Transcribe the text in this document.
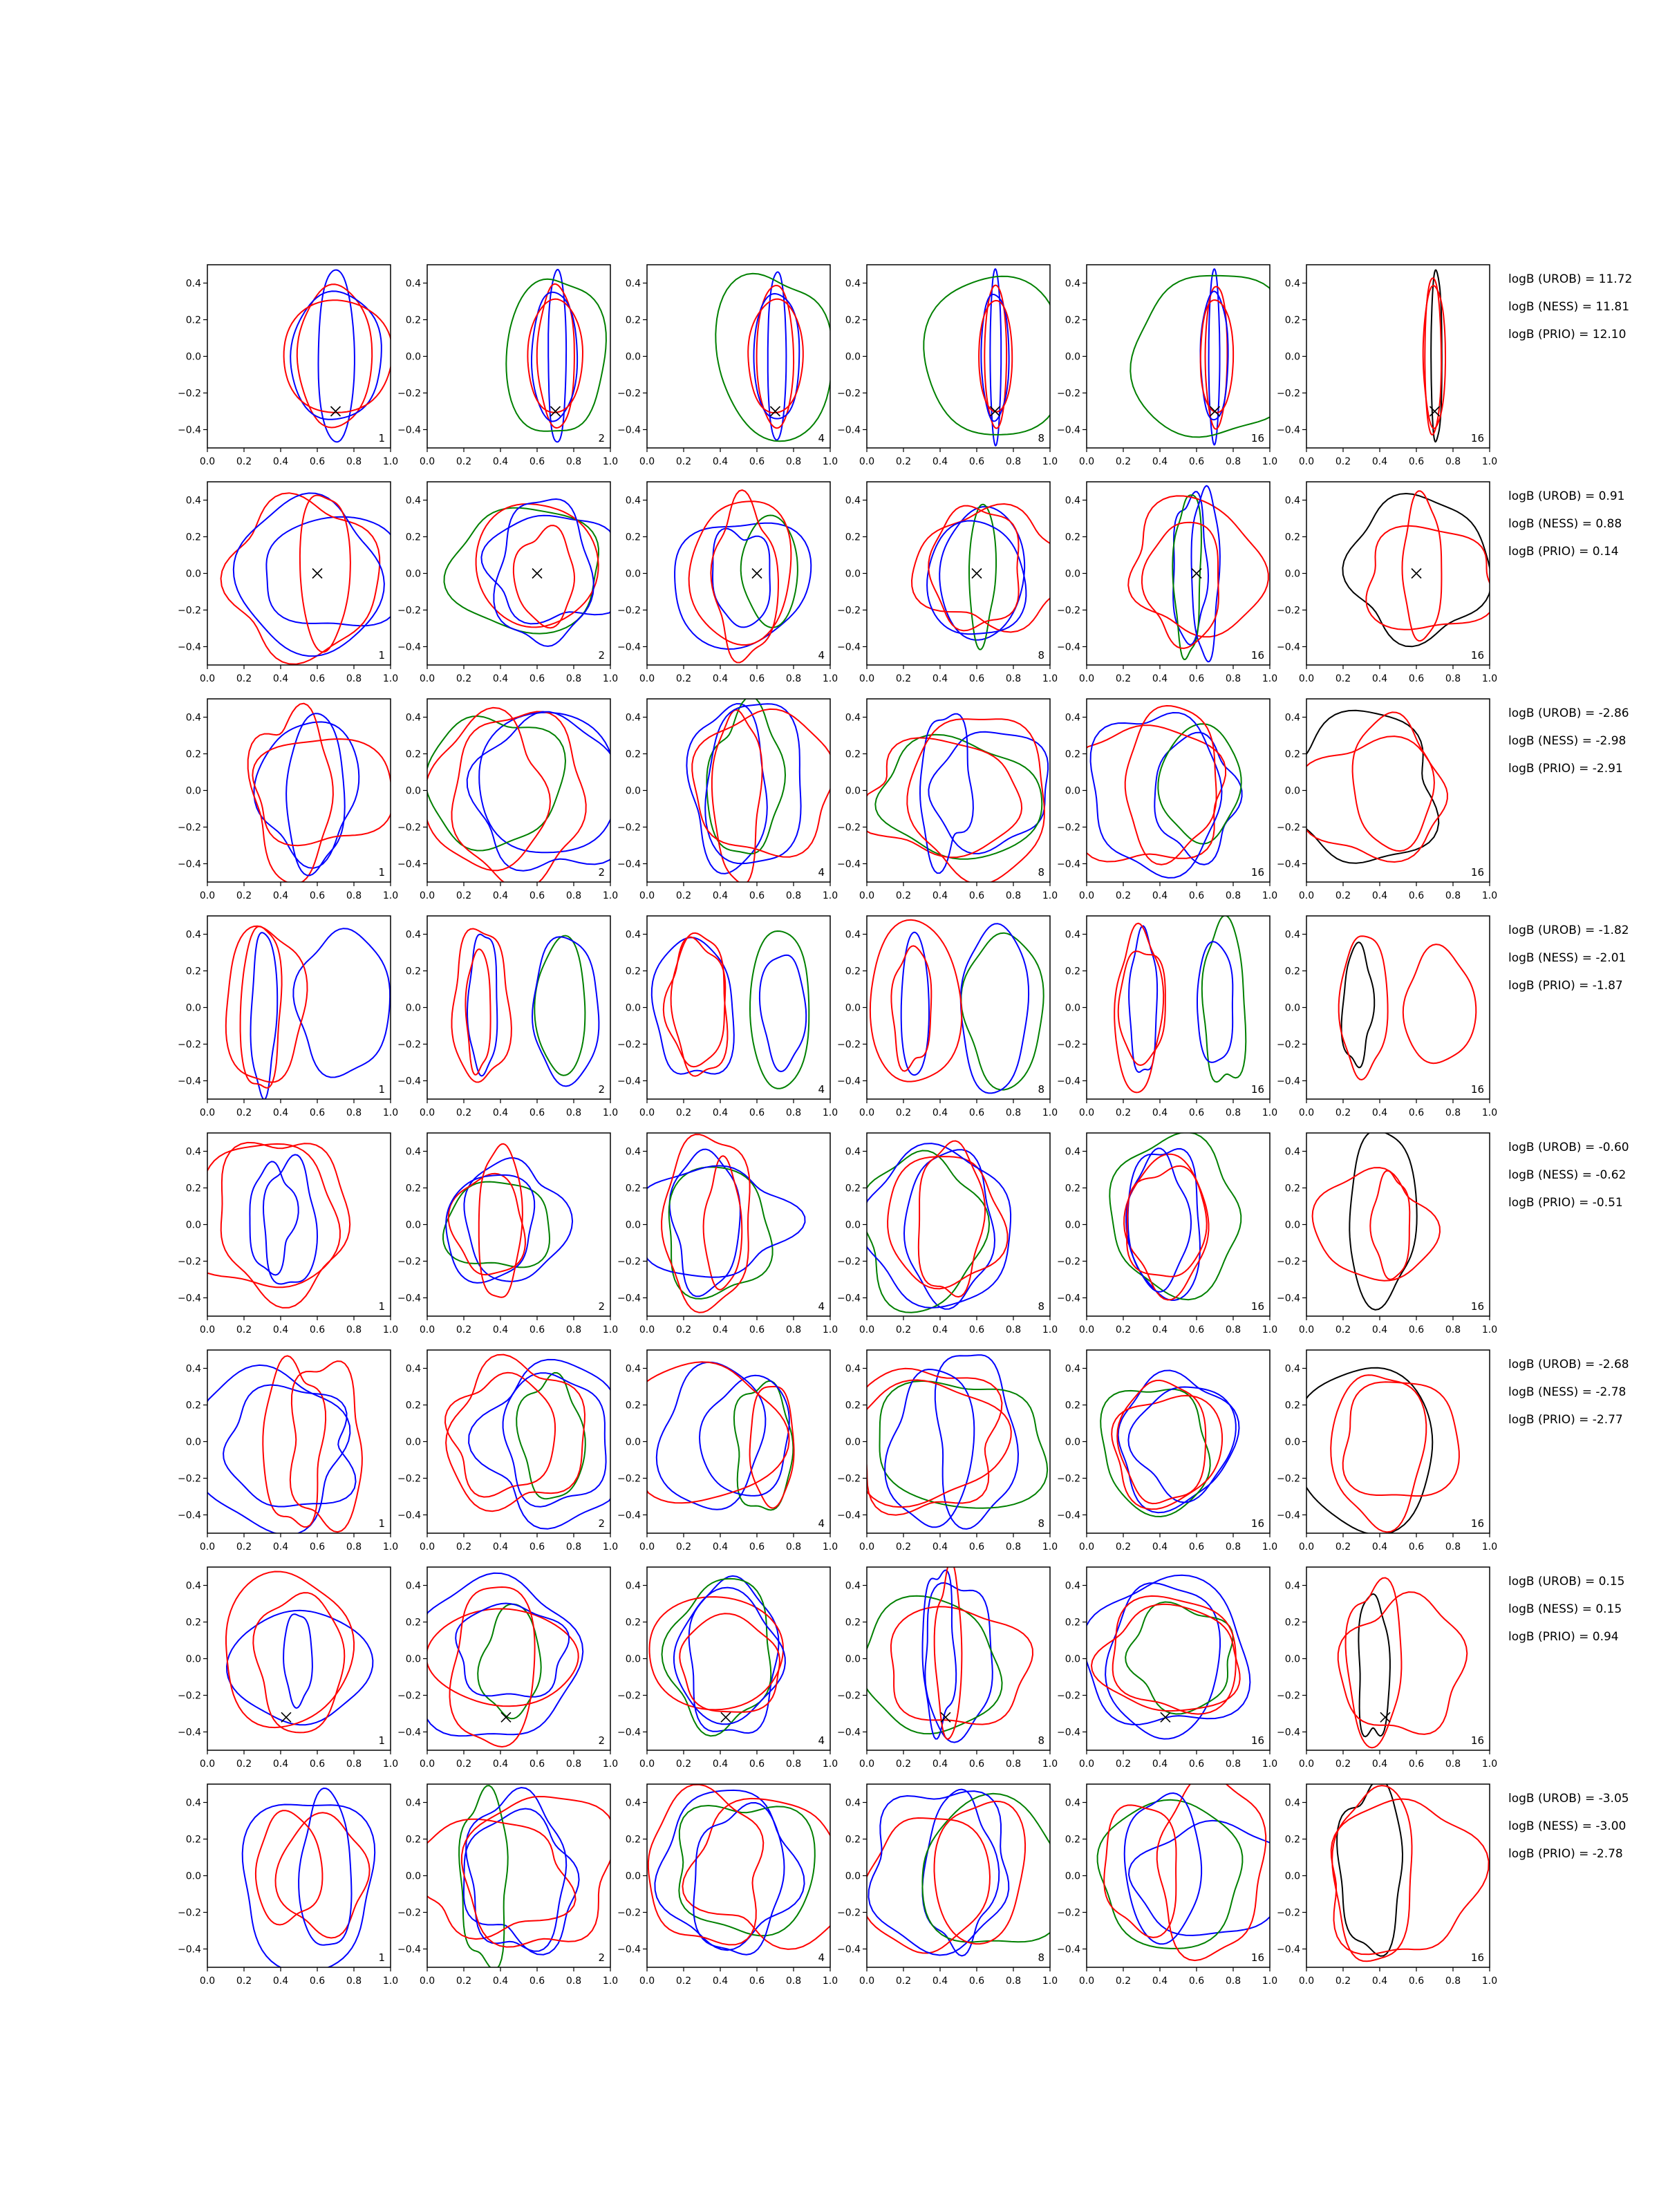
0.0 0.2 0.4 0.6 0.8 1.0
0.4
0.2
0.0
−0.2
−0.4
1
0.0 0.2 0.4 0.6 0.8 1.0
0.4
0.2
0.0
−0.2
−0.4
2
0.0 0.2 0.4 0.6 0.8 1.0
0.4
0.2
0.0
−0.2
−0.4
4
0.0 0.2 0.4 0.6 0.8 1.0
0.4
0.2
0.0
−0.2
−0.4
8
0.0 0.2 0.4 0.6 0.8 1.0
0.4
0.2
0.0
−0.2
−0.4
16
0.0 0.2 0.4 0.6 0.8 1.0
0.4
0.2
0.0
−0.2
−0.4
16
logB (UROB) = 11.72
logB (NESS) = 11.81
logB (PRIO) = 12.10
0.0 0.2 0.4 0.6 0.8 1.0
0.4
0.2
0.0
−0.2
−0.4
1
0.0 0.2 0.4 0.6 0.8 1.0
0.4
0.2
0.0
−0.2
−0.4
2
0.0 0.2 0.4 0.6 0.8 1.0
0.4
0.2
0.0
−0.2
−0.4
4
0.0 0.2 0.4 0.6 0.8 1.0
0.4
0.2
0.0
−0.2
−0.4
8
0.0 0.2 0.4 0.6 0.8 1.0
0.4
0.2
0.0
−0.2
−0.4
16
0.0 0.2 0.4 0.6 0.8 1.0
0.4
0.2
0.0
−0.2
−0.4
16
logB (UROB) = 0.91
logB (NESS) = 0.88
logB (PRIO) = 0.14
0.0 0.2 0.4 0.6 0.8 1.0
0.4
0.2
0.0
−0.2
−0.4
1
0.0 0.2 0.4 0.6 0.8 1.0
0.4
0.2
0.0
−0.2
−0.4
2
0.0 0.2 0.4 0.6 0.8 1.0
0.4
0.2
0.0
−0.2
−0.4
4
0.0 0.2 0.4 0.6 0.8 1.0
0.4
0.2
0.0
−0.2
−0.4
8
0.0 0.2 0.4 0.6 0.8 1.0
0.4
0.2
0.0
−0.2
−0.4
16
0.0 0.2 0.4 0.6 0.8 1.0
0.4
0.2
0.0
−0.2
−0.4
16
logB (UROB) = -2.86
logB (NESS) = -2.98
logB (PRIO) = -2.91
0.0 0.2 0.4 0.6 0.8 1.0
0.4
0.2
0.0
−0.2
−0.4
1
0.0 0.2 0.4 0.6 0.8 1.0
0.4
0.2
0.0
−0.2
−0.4
2
0.0 0.2 0.4 0.6 0.8 1.0
0.4
0.2
0.0
−0.2
−0.4
4
0.0 0.2 0.4 0.6 0.8 1.0
0.4
0.2
0.0
−0.2
−0.4
8
0.0 0.2 0.4 0.6 0.8 1.0
0.4
0.2
0.0
−0.2
−0.4
16
0.0 0.2 0.4 0.6 0.8 1.0
0.4
0.2
0.0
−0.2
−0.4
16
logB (UROB) = -1.82
logB (NESS) = -2.01
logB (PRIO) = -1.87
0.0 0.2 0.4 0.6 0.8 1.0
0.4
0.2
0.0
−0.2
−0.4
1
0.0 0.2 0.4 0.6 0.8 1.0
0.4
0.2
0.0
−0.2
−0.4
2
0.0 0.2 0.4 0.6 0.8 1.0
0.4
0.2
0.0
−0.2
−0.4
4
0.0 0.2 0.4 0.6 0.8 1.0
0.4
0.2
0.0
−0.2
−0.4
8
0.0 0.2 0.4 0.6 0.8 1.0
0.4
0.2
0.0
−0.2
−0.4
16
0.0 0.2 0.4 0.6 0.8 1.0
0.4
0.2
0.0
−0.2
−0.4
16
logB (UROB) = -0.60
logB (NESS) = -0.62
logB (PRIO) = -0.51
0.0 0.2 0.4 0.6 0.8 1.0
0.4
0.2
0.0
−0.2
−0.4
1
0.0 0.2 0.4 0.6 0.8 1.0
0.4
0.2
0.0
−0.2
−0.4
2
0.0 0.2 0.4 0.6 0.8 1.0
0.4
0.2
0.0
−0.2
−0.4
4
0.0 0.2 0.4 0.6 0.8 1.0
0.4
0.2
0.0
−0.2
−0.4
8
0.0 0.2 0.4 0.6 0.8 1.0
0.4
0.2
0.0
−0.2
−0.4
16
0.0 0.2 0.4 0.6 0.8 1.0
0.4
0.2
0.0
−0.2
−0.4
16
logB (UROB) = -2.68
logB (NESS) = -2.78
logB (PRIO) = -2.77
0.0 0.2 0.4 0.6 0.8 1.0
0.4
0.2
0.0
−0.2
−0.4
1
0.0 0.2 0.4 0.6 0.8 1.0
0.4
0.2
0.0
−0.2
−0.4
2
0.0 0.2 0.4 0.6 0.8 1.0
0.4
0.2
0.0
−0.2
−0.4
4
0.0 0.2 0.4 0.6 0.8 1.0
0.4
0.2
0.0
−0.2
−0.4
8
0.0 0.2 0.4 0.6 0.8 1.0
0.4
0.2
0.0
−0.2
−0.4
16
0.0 0.2 0.4 0.6 0.8 1.0
0.4
0.2
0.0
−0.2
−0.4
16
logB (UROB) = 0.15
logB (NESS) = 0.15
logB (PRIO) = 0.94
0.0 0.2 0.4 0.6 0.8 1.0
0.4
0.2
0.0
−0.2
−0.4
1
0.0 0.2 0.4 0.6 0.8 1.0
0.4
0.2
0.0
−0.2
−0.4
2
0.0 0.2 0.4 0.6 0.8 1.0
0.4
0.2
0.0
−0.2
−0.4
4
0.0 0.2 0.4 0.6 0.8 1.0
0.4
0.2
0.0
−0.2
−0.4
8
0.0 0.2 0.4 0.6 0.8 1.0
0.4
0.2
0.0
−0.2
−0.4
16
0.0 0.2 0.4 0.6 0.8 1.0
0.4
0.2
0.0
−0.2
−0.4
16
logB (UROB) = -3.05
logB (NESS) = -3.00
logB (PRIO) = -2.78
